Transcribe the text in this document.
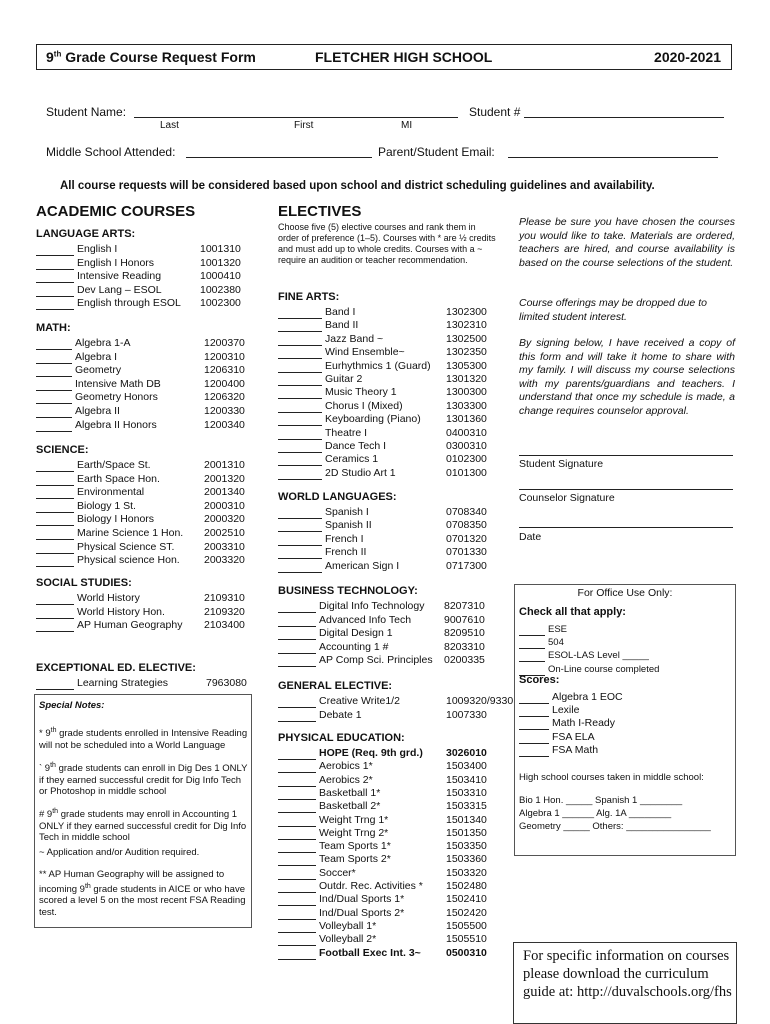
9th Grade Course Request Form	FLETCHER HIGH SCHOOL	2020-2021
Student Name:
Last	First	MI
Student #
Middle School Attended:	Parent/Student Email:
All course requests will be considered based upon school and district scheduling guidelines and availability.
ACADEMIC COURSES
LANGUAGE ARTS:
English I	1001310
English I Honors	1001320
Intensive Reading	1000410
Dev Lang – ESOL	1002380
English through ESOL 1002300
MATH:
Algebra 1-A	1200370
Algebra I	1200310
Geometry	1206310
Intensive Math DB	1200400
Geometry Honors	1206320
Algebra II	1200330
Algebra II Honors	1200340
SCIENCE:
Earth/Space St.	2001310
Earth Space Hon.	2001320
Environmental	2001340
Biology 1 St.	2000310
Biology I Honors	2000320
Marine Science 1 Hon. 2002510
Physical Science ST.	2003310
Physical science Hon. 2003320
SOCIAL STUDIES:
World History	2109310
World History Hon.	2109320
AP Human Geography 2103400
EXCEPTIONAL ED. ELECTIVE:
Learning Strategies	7963080
Special Notes:
* 9th grade students enrolled in Intensive Reading will not be scheduled into a World Language
` 9th grade students can enroll in Dig Des 1 ONLY if they earned successful credit for Dig Info Tech or Photoshop in middle school
# 9th grade students may enroll in Accounting 1 ONLY if they earned successful credit for Dig Info Tech in middle school
~ Application and/or Audition required.
** AP Human Geography will be assigned to incoming 9th grade students in AICE or who have scored a level 5 on the most recent FSA Reading test.
ELECTIVES
Choose five (5) elective courses and rank them in order of preference (1–5). Courses with * are ½ credits and must add up to whole credits. Courses with a ~ require an audition or teacher recommendation.
FINE ARTS:
Band I	1302300
Band II	1302310
Jazz Band ~	1302500
Wind Ensemble~	1302350
Eurhythmics 1 (Guard) 1305300
Guitar 2	1301320
Music Theory 1	1300300
Chorus I (Mixed)	1303300
Keyboarding (Piano) 1301360
Theatre I	0400310
Dance Tech I	0300310
Ceramics 1	0102300
2D Studio Art 1	0101300
WORLD LANGUAGES:
Spanish I	0708340
Spanish II	0708350
French I	0701320
French II	0701330
American Sign I	0717300
BUSINESS TECHNOLOGY:
Digital Info Technology 8207310
Advanced Info Tech	9007610
Digital Design 1	8209510
Accounting 1 #	8203310
AP Comp Sci. Principles 0200335
GENERAL ELECTIVE:
Creative Write1/2	1009320/9330
Debate 1	1007330
PHYSICAL EDUCATION:
HOPE (Req. 9th grd.) 3026010
Aerobics 1*	1503400
Aerobics 2*	1503410
Basketball 1*	1503310
Basketball 2*	1503315
Weight Trng 1*	1501340
Weight Trng 2*	1501350
Team Sports 1*	1503350
Team Sports 2*	1503360
Soccer*	1503320
Outdr. Rec. Activities * 1502480
Ind/Dual Sports 1*	1502410
Ind/Dual Sports 2*	1502420
Volleyball 1*	1505500
Volleyball 2*	1505510
Football Exec Int. 3~ 0500310
Please be sure you have chosen the courses you would like to take. Materials are ordered, teachers are hired, and course availability is based on the course selections of the student.
Course offerings may be dropped due to limited student interest.
By signing below, I have received a copy of this form and will take it home to share with my family. I will discuss my course selections with my parents/guardians and teachers. I understand that once my schedule is made, a change requires counselor approval.
Student Signature
Counselor Signature
Date
For Office Use Only:
Check all that apply:
ESE
504
ESOL-LAS Level _____
On-Line course completed
Scores:
Algebra 1 EOC
Lexile
Math I-Ready
FSA ELA
FSA Math
High school courses taken in middle school:
Bio 1 Hon. _____ Spanish 1 ________
Algebra 1 ______ Alg. 1A ________
Geometry _____ Others: ________________
For specific information on courses please download the curriculum guide at: http://duvalschools.org/fhs
